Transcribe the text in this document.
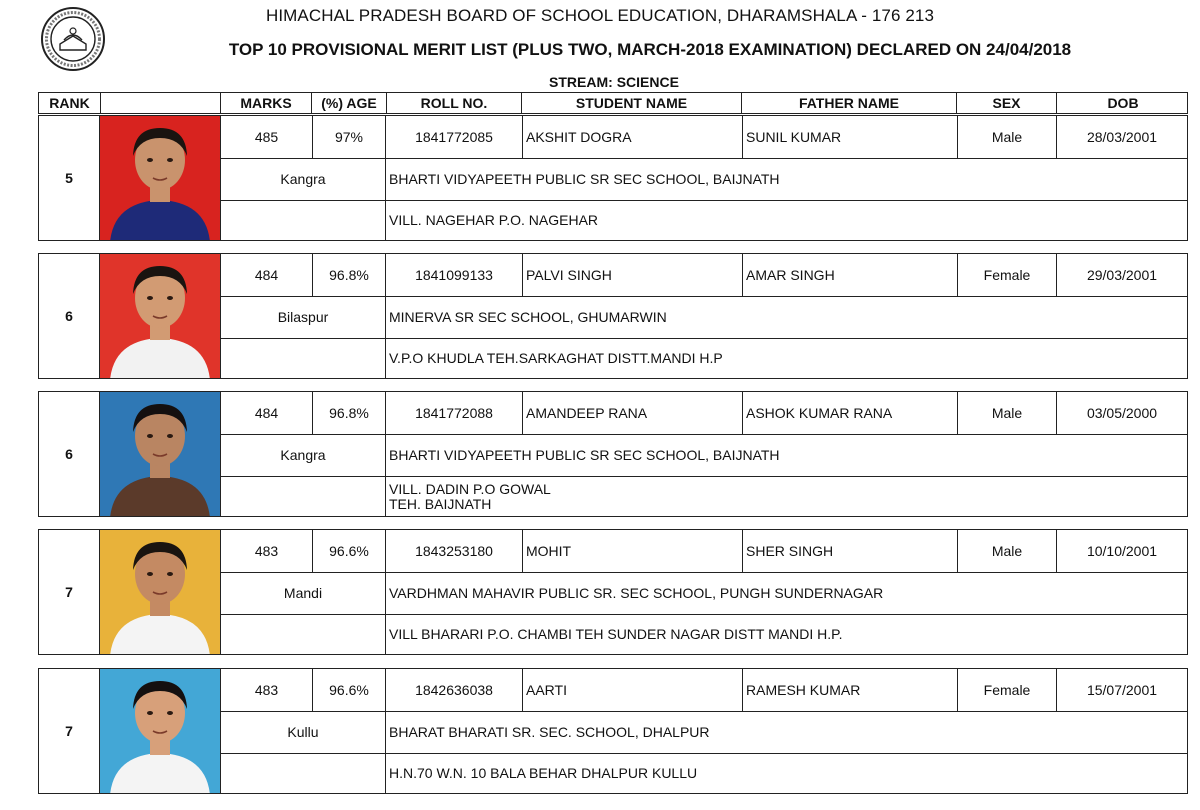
HIMACHAL PRADESH BOARD OF SCHOOL EDUCATION, DHARAMSHALA - 176 213
TOP 10 PROVISIONAL MERIT LIST (PLUS TWO, MARCH-2018 EXAMINATION) DECLARED ON 24/04/2018
STREAM: SCIENCE
RANK	MARKS	(%) AGE	ROLL NO.	STUDENT NAME	FATHER NAME	SEX	DOB
5
485	97%	1841772085	AKSHIT DOGRA	SUNIL KUMAR	Male	28/03/2001
Kangra	BHARTI VIDYAPEETH PUBLIC SR SEC SCHOOL, BAIJNATH
VILL. NAGEHAR P.O. NAGEHAR
6
484	96.8%	1841099133	PALVI SINGH	AMAR SINGH	Female	29/03/2001
Bilaspur	MINERVA SR SEC SCHOOL, GHUMARWIN
V.P.O KHUDLA TEH.SARKAGHAT DISTT.MANDI H.P
6
484	96.8%	1841772088	AMANDEEP RANA	ASHOK KUMAR RANA	Male	03/05/2000
Kangra	BHARTI VIDYAPEETH PUBLIC SR SEC SCHOOL, BAIJNATH
VILL. DADIN P.O GOWAL
TEH. BAIJNATH
7
483	96.6%	1843253180	MOHIT	SHER SINGH	Male	10/10/2001
Mandi	VARDHMAN MAHAVIR PUBLIC SR. SEC SCHOOL, PUNGH SUNDERNAGAR
VILL BHARARI P.O. CHAMBI TEH SUNDER NAGAR DISTT MANDI H.P.
7
483	96.6%	1842636038	AARTI	RAMESH KUMAR	Female	15/07/2001
Kullu	BHARAT BHARATI SR. SEC. SCHOOL, DHALPUR
H.N.70 W.N. 10 BALA BEHAR DHALPUR KULLU
